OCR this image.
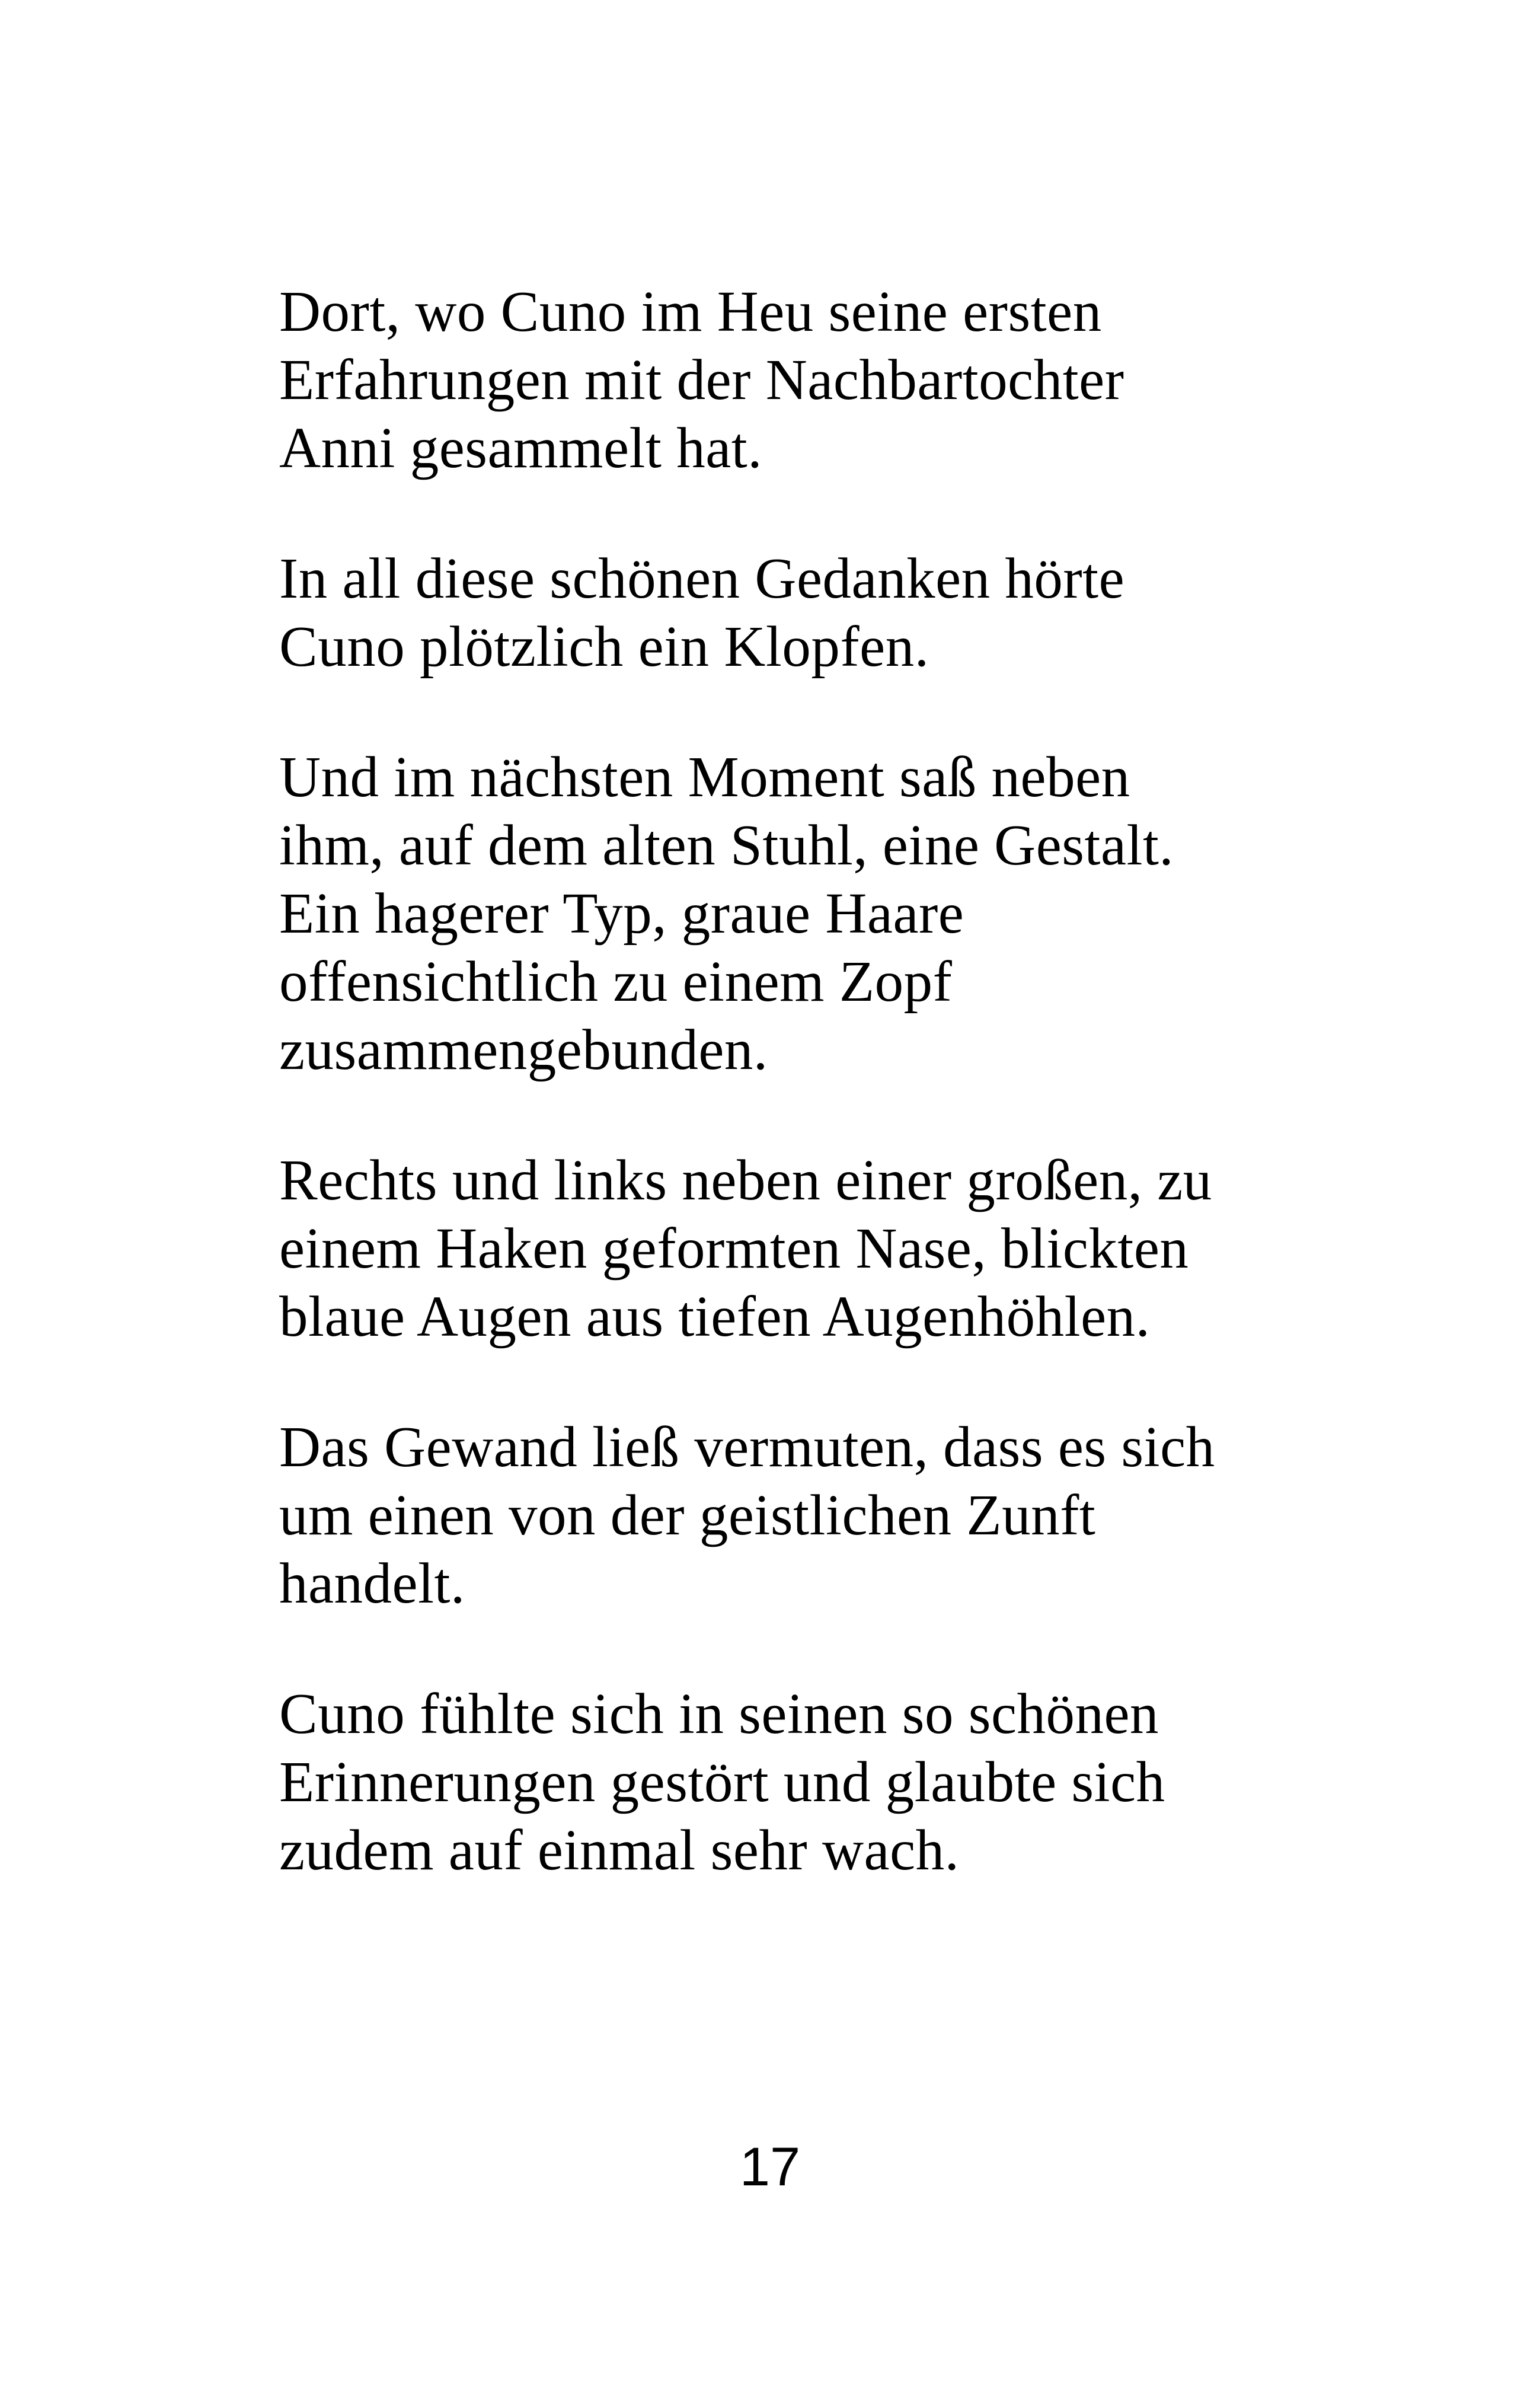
Dort, wo Cuno im Heu seine ersten
Erfahrungen mit der Nachbartochter
Anni gesammelt hat.

In all diese schönen Gedanken hörte
Cuno plötzlich ein Klopfen.

Und im nächsten Moment saß neben
ihm, auf dem alten Stuhl, eine Gestalt.
Ein hagerer Typ, graue Haare
offensichtlich zu einem Zopf
zusammengebunden.

Rechts und links neben einer großen, zu
einem Haken geformten Nase, blickten
blaue Augen aus tiefen Augenhöhlen.

Das Gewand ließ vermuten, dass es sich
um einen von der geistlichen Zunft
handelt.

Cuno fühlte sich in seinen so schönen
Erinnerungen gestört und glaubte sich
zudem auf einmal sehr wach.

17
